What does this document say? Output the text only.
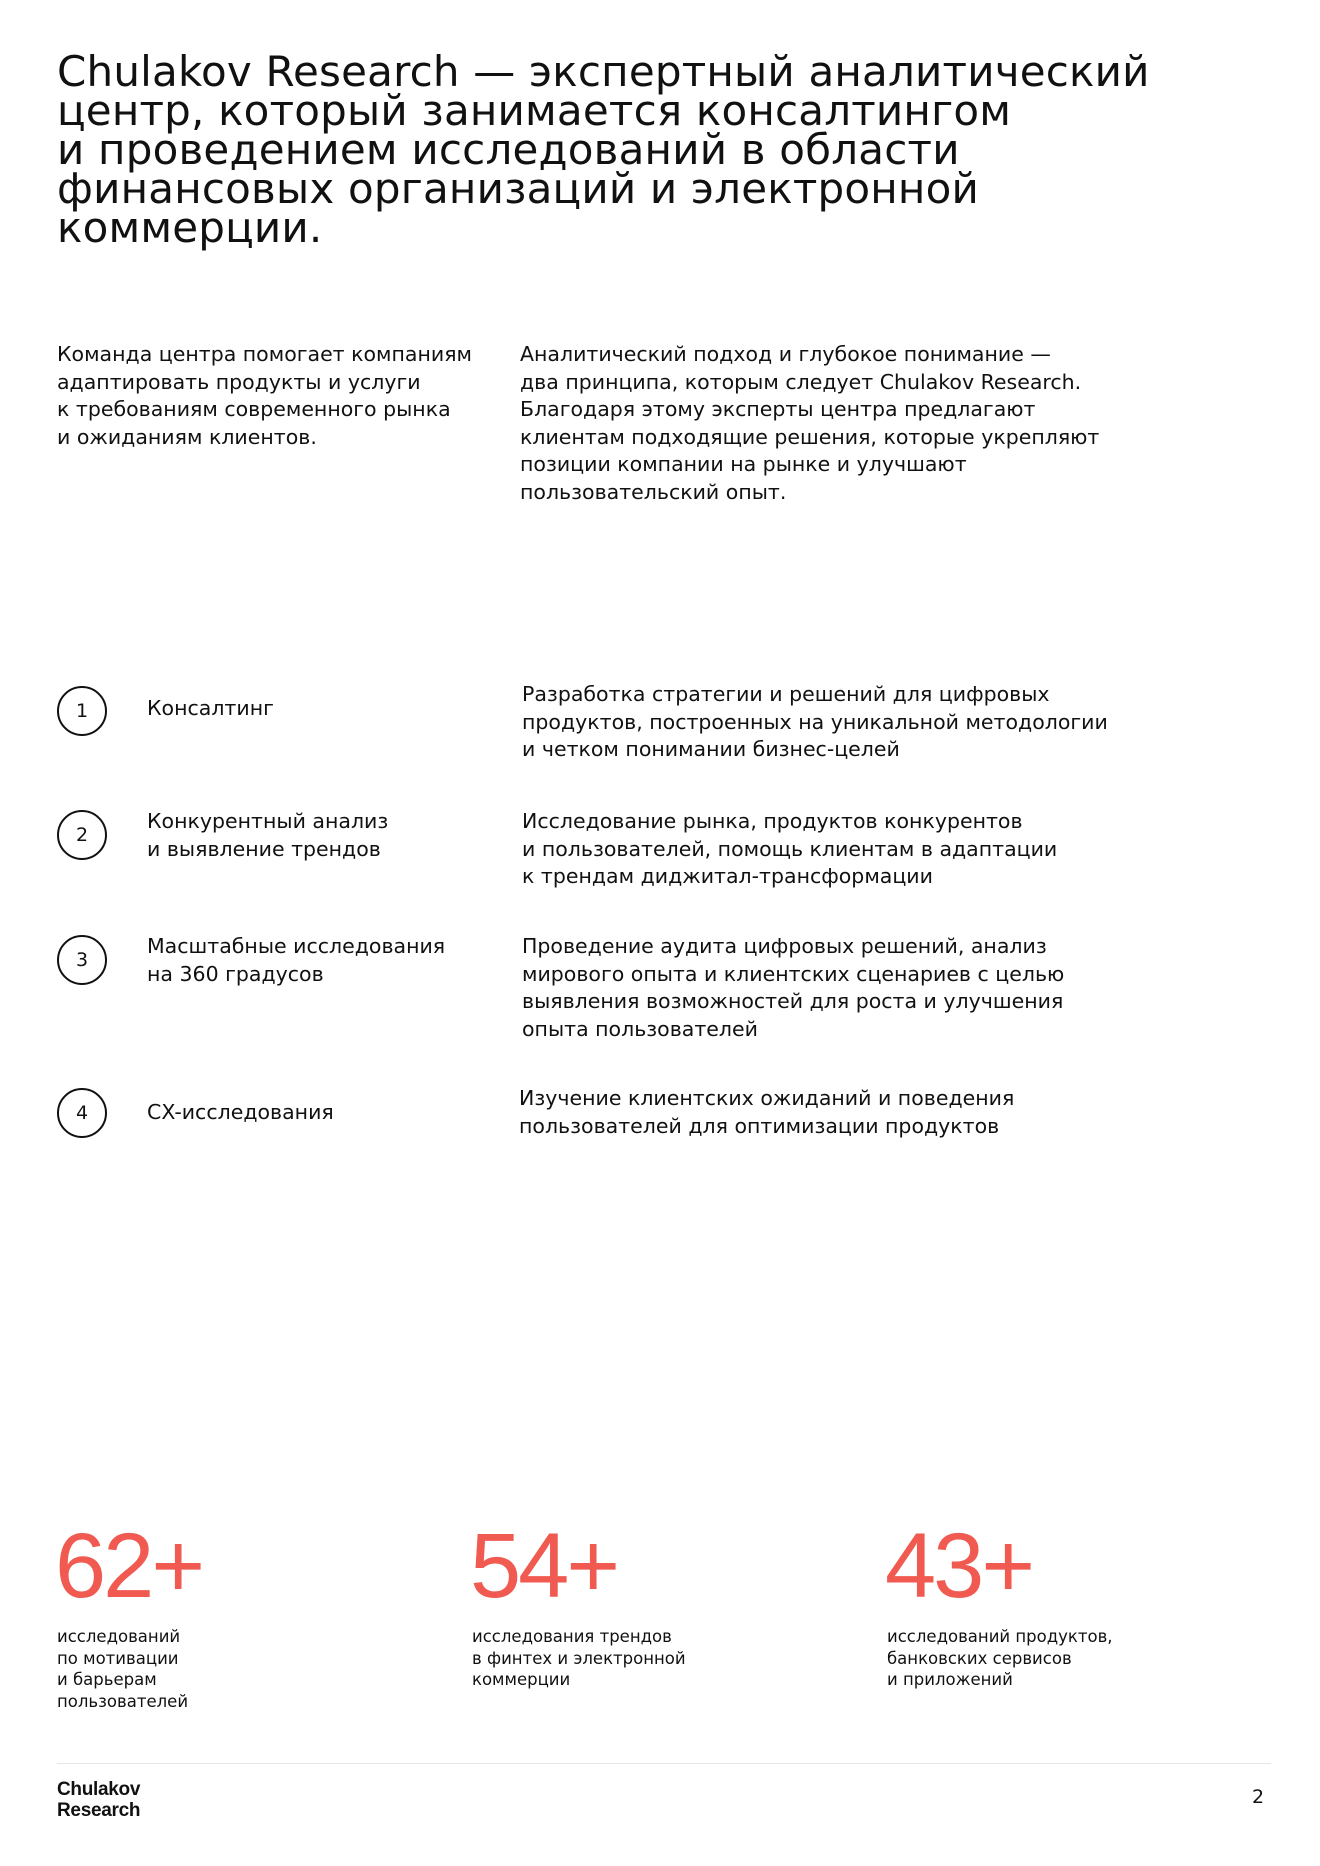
Chulakov Research — экспертный аналитический
центр, который занимается консалтингом
и проведением исследований в области
финансовых организаций и электронной
коммерции.

Команда центра помогает компаниям
адаптировать продукты и услуги
к требованиям современного рынка
и ожиданиям клиентов.

Аналитический подход и глубокое понимание —
два принципа, которым следует Chulakov Research.
Благодаря этому эксперты центра предлагают
клиентам подходящие решения, которые укрепляют
позиции компании на рынке и улучшают
пользовательский опыт.

1	Консалтинг
Разработка стратегии и решений для цифровых
продуктов, построенных на уникальной методологии
и четком понимании бизнес-целей
2
Конкурентный анализ
и выявление трендов
Исследование рынка, продуктов конкурентов
и пользователей, помощь клиентам в адаптации
к трендам диджитал-трансформации
3
Масштабные исследования
на 360 градусов
Проведение аудита цифровых решений, анализ
мирового опыта и клиентских сценариев с целью
выявления возможностей для роста и улучшения
опыта пользователей
4	CX-исследования
Изучение клиентских ожиданий и поведения
пользователей для оптимизации продуктов
62+
исследований
по мотивации
и барьерам
пользователей
54+
исследования трендов
в финтех и электронной
коммерции
43+
исследований продуктов,
банковских сервисов
и приложений
Chulakov
Research
2
